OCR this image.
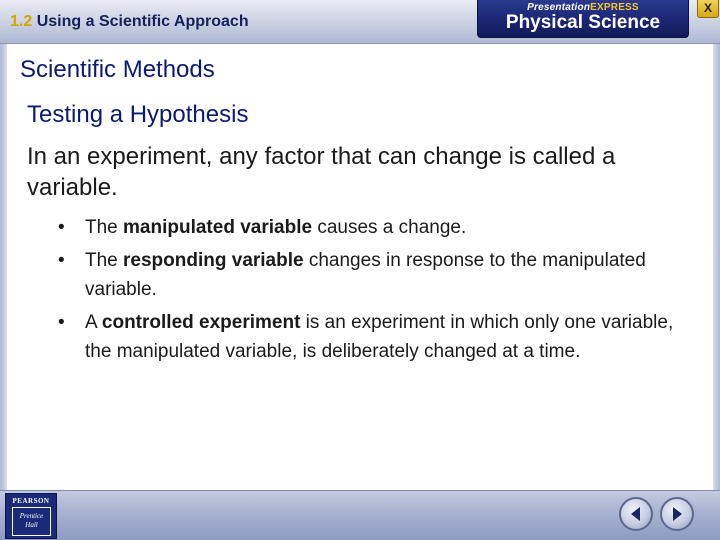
1.2 Using a Scientific Approach
PresentationEXPRESS
Physical Science
X
Scientific Methods
Testing a Hypothesis
In an experiment, any factor that can change is called a variable.
• The manipulated variable causes a change.
• The responding variable changes in response to the manipulated variable.
• A controlled experiment is an experiment in which only one variable, the manipulated variable, is deliberately changed at a time.
PEARSON
Prentice
Hall
